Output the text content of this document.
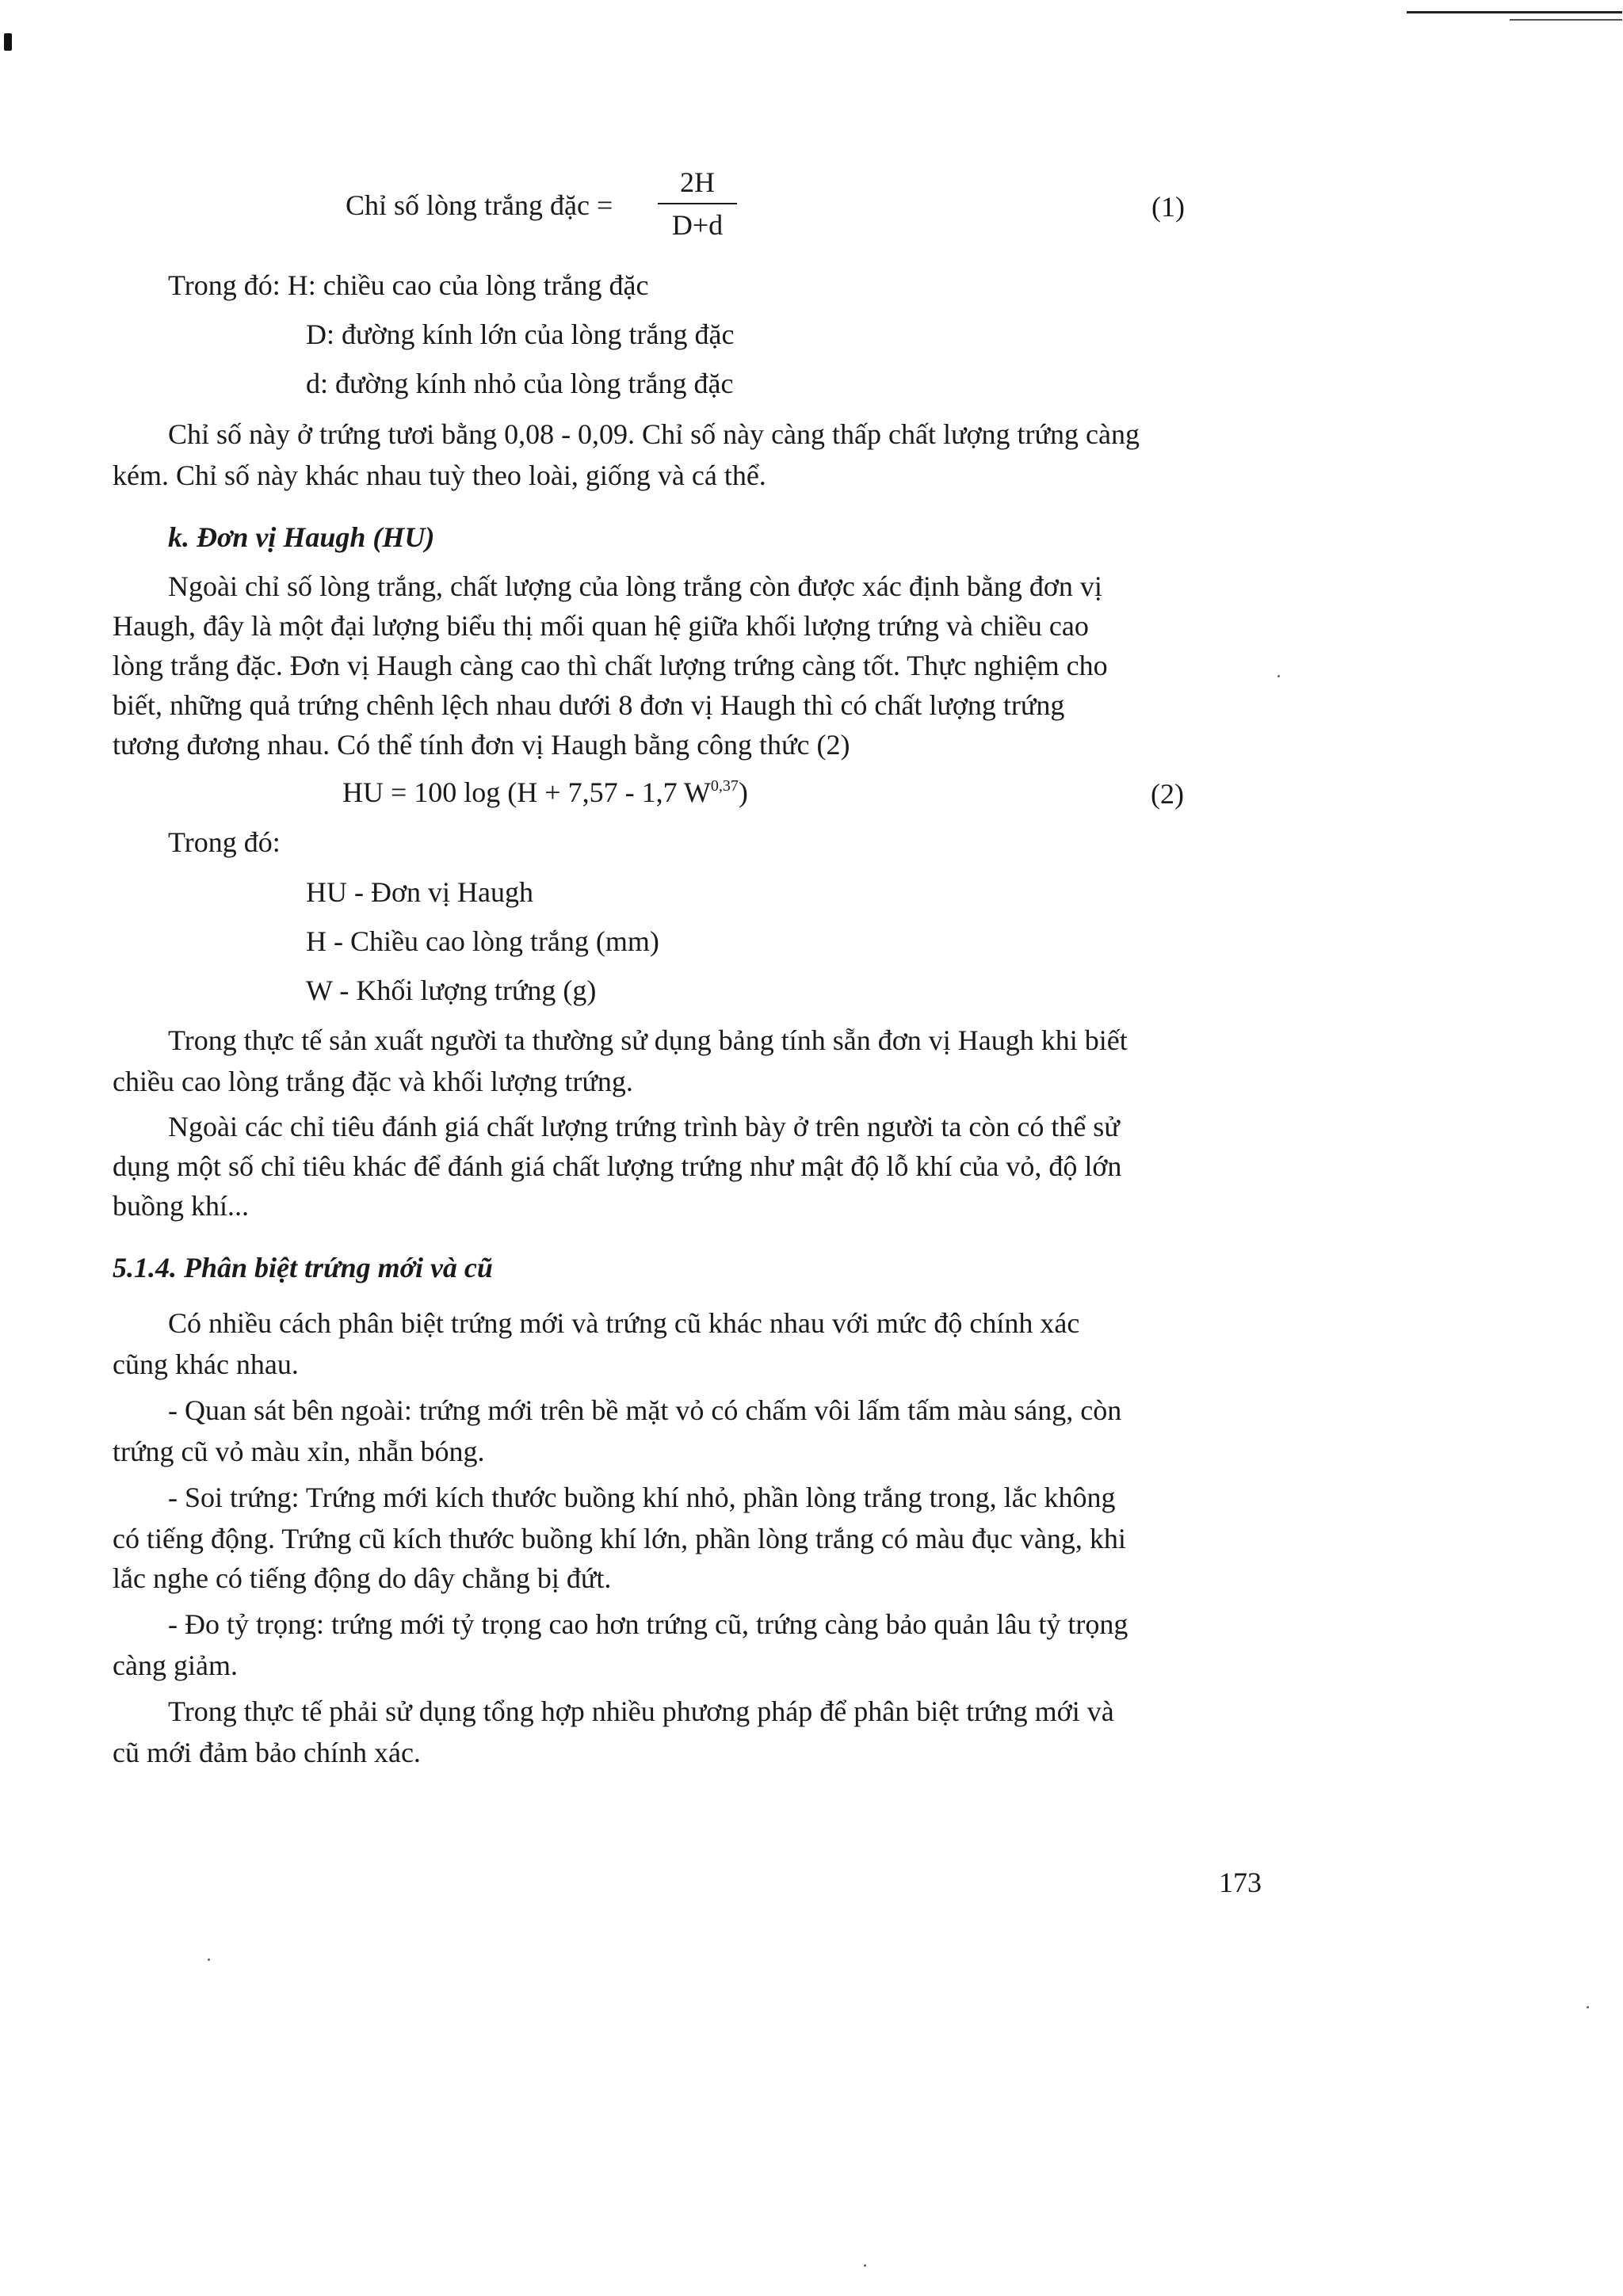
Chỉ số lòng trắng đặc =
2H
D+d
(1)
Trong đó: H: chiều cao của lòng trắng đặc
D: đường kính lớn của lòng trắng đặc
d: đường kính nhỏ của lòng trắng đặc
Chỉ số này ở trứng tươi bằng 0,08 - 0,09. Chỉ số này càng thấp chất lượng trứng càng
kém. Chỉ số này khác nhau tuỳ theo loài, giống và cá thể.
k. Đơn vị Haugh (HU)
Ngoài chỉ số lòng trắng, chất lượng của lòng trắng còn được xác định bằng đơn vị
Haugh, đây là một đại lượng biểu thị mối quan hệ giữa khối lượng trứng và chiều cao
lòng trắng đặc. Đơn vị Haugh càng cao thì chất lượng trứng càng tốt. Thực nghiệm cho
biết, những quả trứng chênh lệch nhau dưới 8 đơn vị Haugh thì có chất lượng trứng
tương đương nhau. Có thể tính đơn vị Haugh bằng công thức (2)
HU = 100 log (H + 7,57 - 1,7 W$^{0,37}$)	(2)
Trong đó:
HU - Đơn vị Haugh
H - Chiều cao lòng trắng (mm)
W - Khối lượng trứng (g)
Trong thực tế sản xuất người ta thường sử dụng bảng tính sẵn đơn vị Haugh khi biết
chiều cao lòng trắng đặc và khối lượng trứng.
Ngoài các chỉ tiêu đánh giá chất lượng trứng trình bày ở trên người ta còn có thể sử
dụng một số chỉ tiêu khác để đánh giá chất lượng trứng như mật độ lỗ khí của vỏ, độ lớn
buồng khí...
5.1.4. Phân biệt trứng mới và cũ
Có nhiều cách phân biệt trứng mới và trứng cũ khác nhau với mức độ chính xác
cũng khác nhau.
- Quan sát bên ngoài: trứng mới trên bề mặt vỏ có chấm vôi lấm tấm màu sáng, còn
trứng cũ vỏ màu xỉn, nhẵn bóng.
- Soi trứng: Trứng mới kích thước buồng khí nhỏ, phần lòng trắng trong, lắc không
có tiếng động. Trứng cũ kích thước buồng khí lớn, phần lòng trắng có màu đục vàng, khi
lắc nghe có tiếng động do dây chằng bị đứt.
- Đo tỷ trọng: trứng mới tỷ trọng cao hơn trứng cũ, trứng càng bảo quản lâu tỷ trọng
càng giảm.
Trong thực tế phải sử dụng tổng hợp nhiều phương pháp để phân biệt trứng mới và
cũ mới đảm bảo chính xác.
173
